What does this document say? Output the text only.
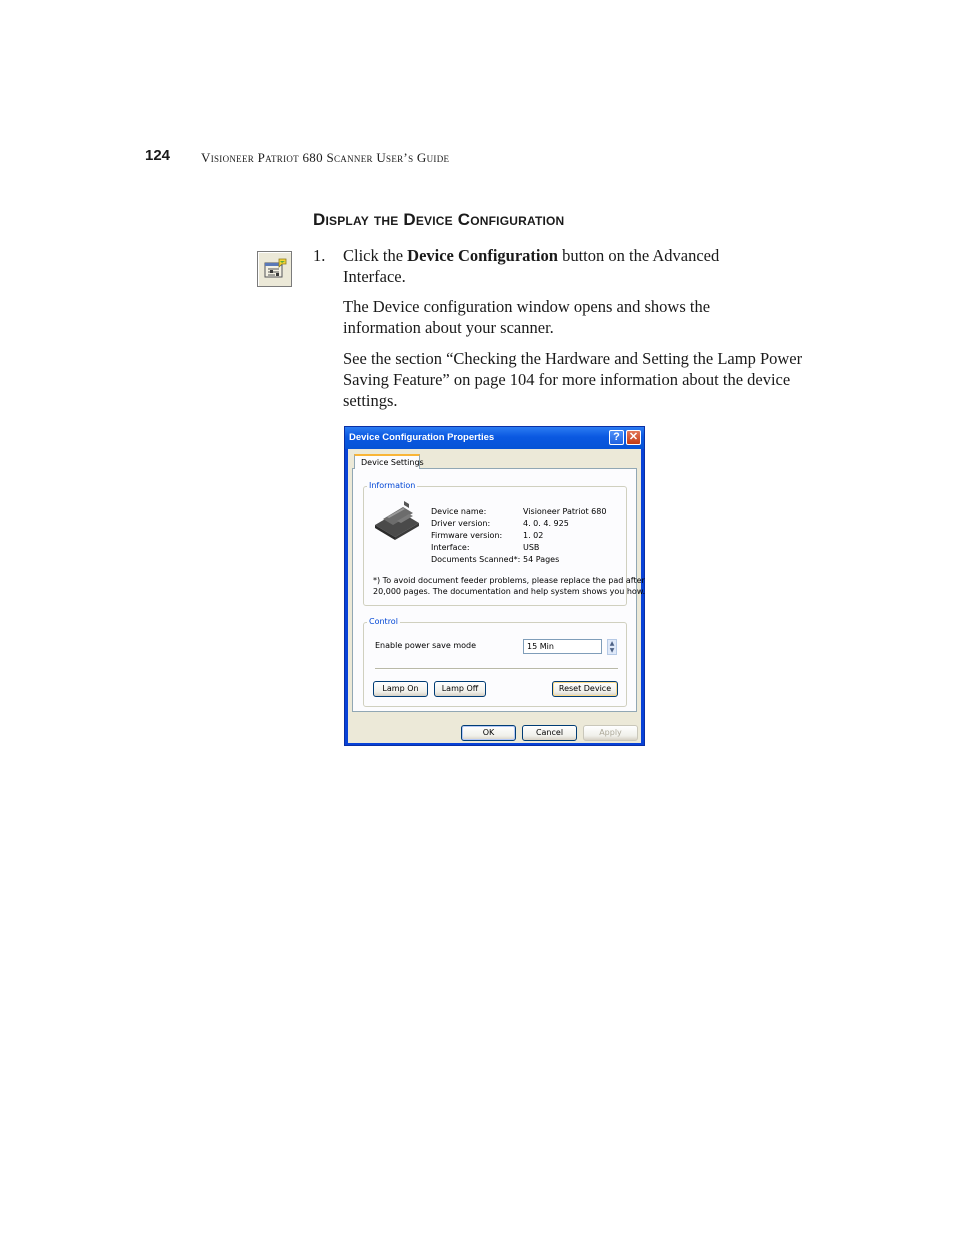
124 Visioneer Patriot 680 Scanner User’s Guide
Display the Device Configuration
1. Click the Device Configuration button on the Advanced Interface.

The Device configuration window opens and shows the information about your scanner.

See the section “Checking the Hardware and Setting the Lamp Power Saving Feature” on page 104 for more information about the device settings.

Device Configuration Properties	? ✕
Device Settings
Information
Device name:	Visioneer Patriot 680
Driver version:	4. 0. 4. 925
Firmware version:	1. 02
Interface:	USB
Documents Scanned*: 54 Pages
*) To avoid document feeder problems, please replace the pad after
20,000 pages. The documentation and help system shows you how.
Control
Enable power save mode	15 Min	▲
▼
Lamp On	Lamp Off	Reset Device
OK	Cancel	Apply
